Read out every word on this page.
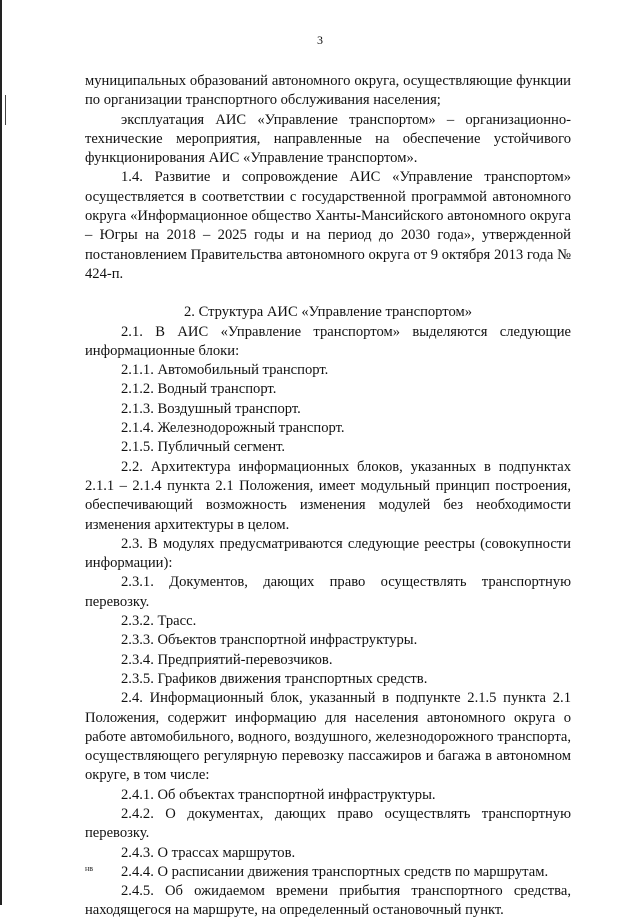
3

муниципальных образований автономного округа, осуществляющие функции по организации транспортного обслуживания населения;

эксплуатация АИС «Управление транспортом» – организационно-технические мероприятия, направленные на обеспечение устойчивого функционирования АИС «Управление транспортом».

1.4. Развитие и сопровождение АИС «Управление транспортом» осуществляется в соответствии с государственной программой автономного округа «Информационное общество Ханты-Мансийского автономного округа – Югры на 2018 – 2025 годы и на период до 2030 года», утвержденной постановлением Правительства автономного округа от 9 октября 2013 года № 424-п.

2. Структура АИС «Управление транспортом»

2.1. В АИС «Управление транспортом» выделяются следующие информационные блоки:

2.1.1. Автомобильный транспорт.

2.1.2. Водный транспорт.

2.1.3. Воздушный транспорт.

2.1.4. Железнодорожный транспорт.

2.1.5. Публичный сегмент.

2.2. Архитектура информационных блоков, указанных в подпунктах 2.1.1 – 2.1.4 пункта 2.1 Положения, имеет модульный принцип построения, обеспечивающий возможность изменения модулей без необходимости изменения архитектуры в целом.

2.3. В модулях предусматриваются следующие реестры (совокупности информации):

2.3.1. Документов, дающих право осуществлять транспортную перевозку.

2.3.2. Трасс.

2.3.3. Объектов транспортной инфраструктуры.

2.3.4. Предприятий-перевозчиков.

2.3.5. Графиков движения транспортных средств.

2.4. Информационный блок, указанный в подпункте 2.1.5 пункта 2.1 Положения, содержит информацию для населения автономного округа о работе автомобильного, водного, воздушного, железнодорожного транспорта, осуществляющего регулярную перевозку пассажиров и багажа в автономном округе, в том числе:

2.4.1. Об объектах транспортной инфраструктуры.

2.4.2. О документах, дающих право осуществлять транспортную перевозку.

2.4.3. О трассах маршрутов.

2.4.4. О расписании движения транспортных средств по маршрутам.

2.4.5. Об ожидаемом времени прибытия транспортного средства, находящегося на маршруте, на определенный остановочный пункт.

нв
